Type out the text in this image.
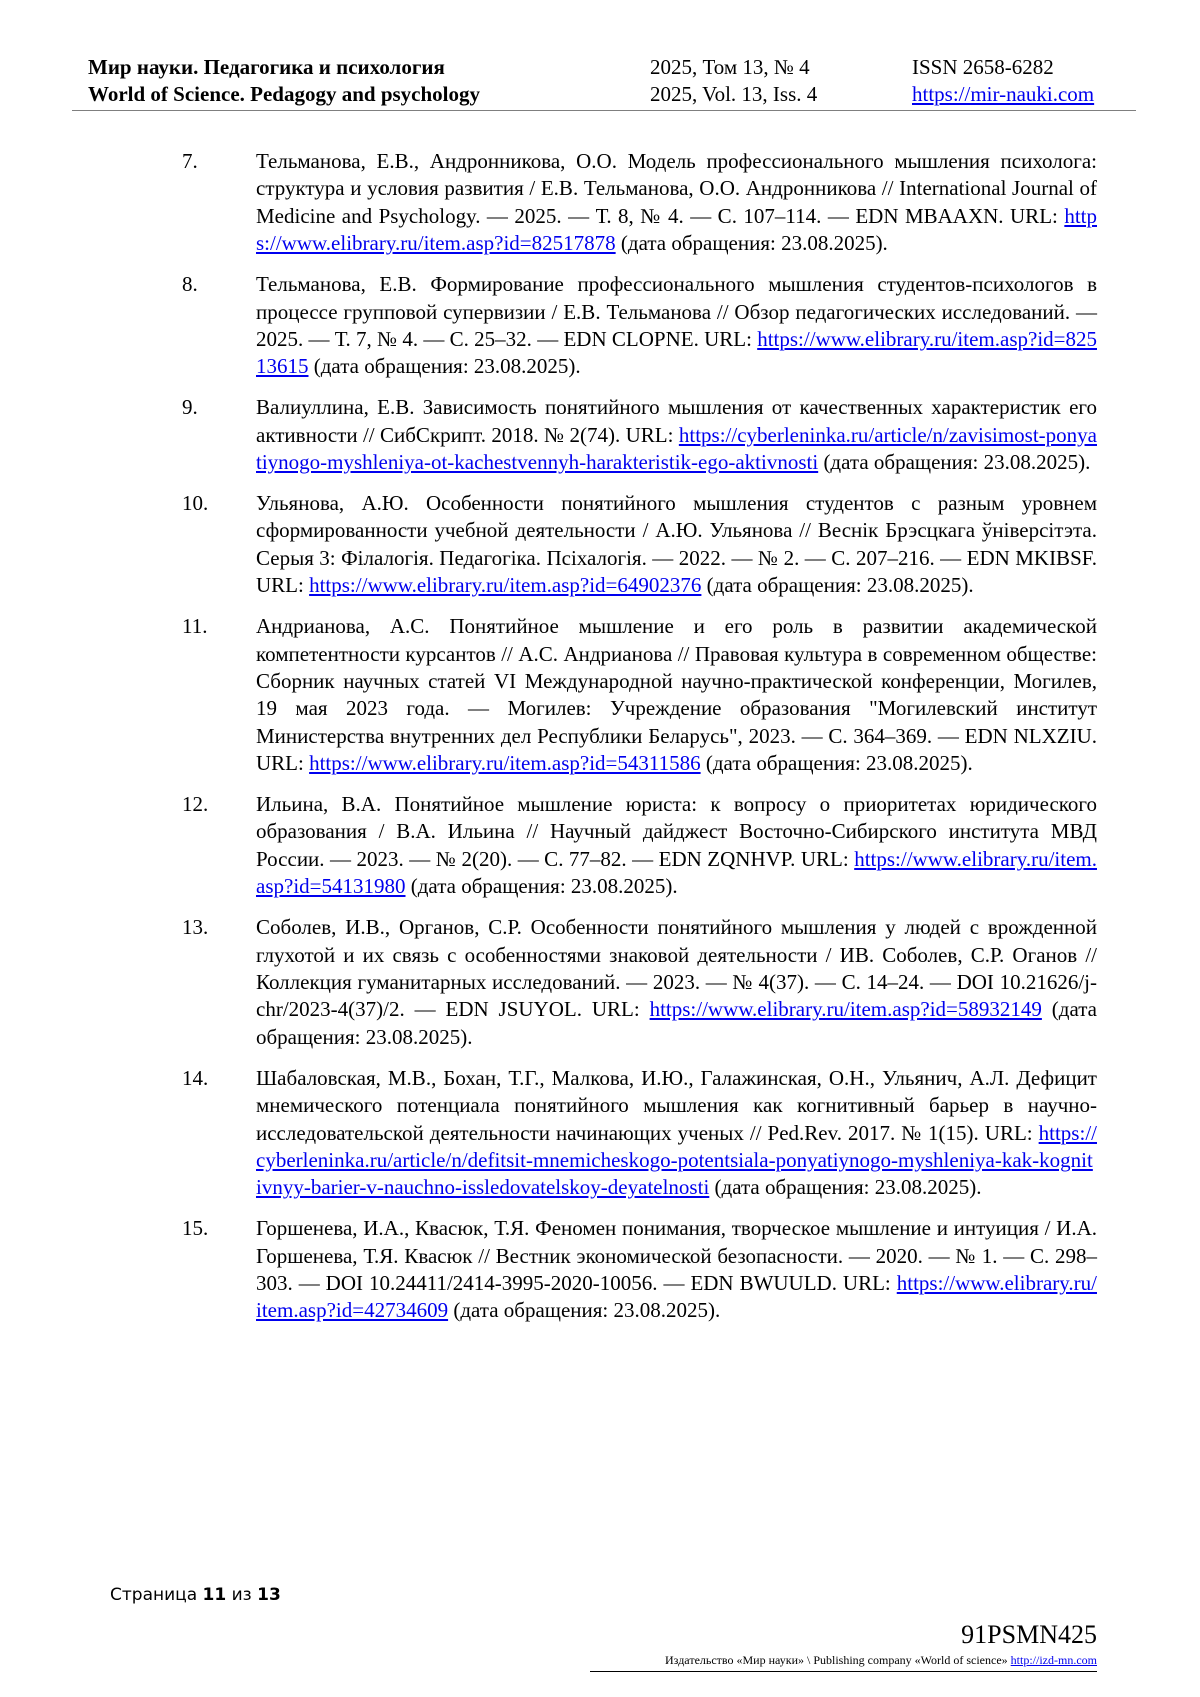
Мир науки. Педагогика и психология	2025, Том 13, № 4	ISSN 2658-6282
World of Science. Pedagogy and psychology	2025, Vol. 13, Iss. 4	https://mir-nauki.com
7.	Тельманова, Е.В., Андронникова, О.О. Модель профессионального мышления психолога: структура и условия развития / Е.В. Тельманова, О.О. Андронникова // International Journal of Medicine and Psychology. — 2025. — Т. 8, № 4. — С. 107–114. — EDN MBAAXN. URL: https://www.elibrary.ru/item.asp?id=82517878 (дата обращения: 23.08.2025).
8.	Тельманова, Е.В. Формирование профессионального мышления студентов-психологов в процессе групповой супервизии / Е.В. Тельманова // Обзор педагогических исследований. — 2025. — Т. 7, № 4. — С. 25–32. — EDN CLOPNE. URL: https://www.elibrary.ru/item.asp?id=82513615 (дата обращения: 23.08.2025).
9.	Валиуллина, Е.В. Зависимость понятийного мышления от качественных характеристик его активности // СибСкрипт. 2018. № 2(74). URL: https://cyberleninka.ru/article/n/zavisimost-ponyatiynogo-myshleniya-ot-kachestvennyh-harakteristik-ego-aktivnosti (дата обращения: 23.08.2025).
10. Ульянова, А.Ю. Особенности понятийного мышления студентов с разным уровнем сформированности учебной деятельности / А.Ю. Ульянова // Веснік Брэсцкага ўніверсітэта. Серыя 3: Філалогія. Педагогіка. Псіхалогія. — 2022. — № 2. — С. 207–216. — EDN MKIBSF. URL: https://www.elibrary.ru/item.asp?id=64902376 (дата обращения: 23.08.2025).
11. Андрианова, А.С. Понятийное мышление и его роль в развитии академической компетентности курсантов // А.С. Андрианова // Правовая культура в современном обществе: Сборник научных статей VI Международной научно-практической конференции, Могилев, 19 мая 2023 года. — Могилев: Учреждение образования "Могилевский институт Министерства внутренних дел Республики Беларусь", 2023. — С. 364–369. — EDN NLXZIU. URL: https://www.elibrary.ru/item.asp?id=54311586 (дата обращения: 23.08.2025).
12. Ильина, В.А. Понятийное мышление юриста: к вопросу о приоритетах юридического образования / В.А. Ильина // Научный дайджест Восточно-Сибирского института МВД России. — 2023. — № 2(20). — С. 77–82. — EDN ZQNHVP. URL: https://www.elibrary.ru/item.asp?id=54131980 (дата обращения: 23.08.2025).
13. Соболев, И.В., Органов, С.Р. Особенности понятийного мышления у людей с врожденной глухотой и их связь с особенностями знаковой деятельности / ИВ. Соболев, С.Р. Оганов // Коллекция гуманитарных исследований. — 2023. — № 4(37). — С. 14–24. — DOI 10.21626/j-chr/2023-4(37)/2. — EDN JSUYOL. URL: https://www.elibrary.ru/item.asp?id=58932149 (дата обращения: 23.08.2025).
14. Шабаловская, М.В., Бохан, Т.Г., Малкова, И.Ю., Галажинская, О.Н., Ульянич, А.Л. Дефицит мнемического потенциала понятийного мышления как когнитивный барьер в научно-исследовательской деятельности начинающих ученых // Ped.Rev. 2017. № 1(15). URL: https://cyberleninka.ru/article/n/defitsit-mnemicheskogo-potentsiala-ponyatiynogo-myshleniya-kak-kognitivnyy-barier-v-nauchno-issledovatelskoy-deyatelnosti (дата обращения: 23.08.2025).
15. Горшенева, И.А., Квасюк, Т.Я. Феномен понимания, творческое мышление и интуиция / И.А. Горшенева, Т.Я. Квасюк // Вестник экономической безопасности. — 2020. — № 1. — С. 298–303. — DOI 10.24411/2414-3995-2020-10056. — EDN BWUULD. URL: https://www.elibrary.ru/item.asp?id=42734609 (дата обращения: 23.08.2025).
Страница 11 из 13
91PSMN425
Издательство «Мир науки» \ Publishing company «World of science» http://izd-mn.com
